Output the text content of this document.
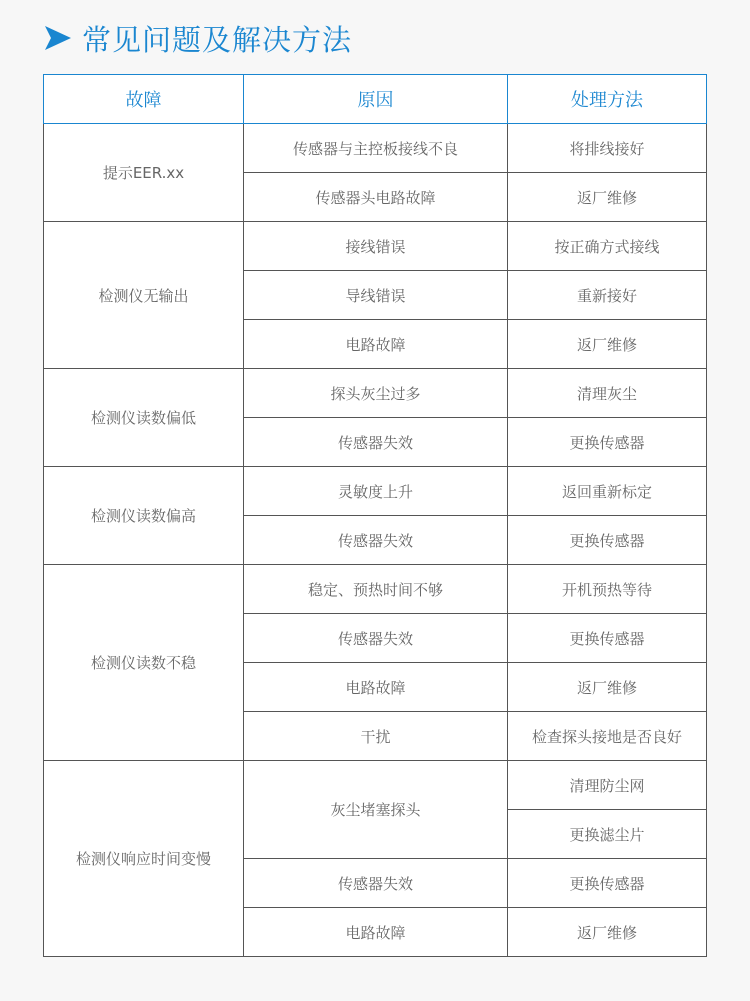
常见问题及解决方法
故障	原因	处理方法
提示EER.xx	传感器与主控板接线不良	将排线接好
	传感器头电路故障	返厂维修
检测仪无输出	接线错误	按正确方式接线
	导线错误	重新接好
	电路故障	返厂维修
检测仪读数偏低	探头灰尘过多	清理灰尘
	传感器失效	更换传感器
检测仪读数偏高	灵敏度上升	返回重新标定
	传感器失效	更换传感器
检测仪读数不稳	稳定、预热时间不够	开机预热等待
	传感器失效	更换传感器
	电路故障	返厂维修
	干扰	检查探头接地是否良好
检测仪响应时间变慢	灰尘堵塞探头	清理防尘网
		更换滤尘片
	传感器失效	更换传感器
	电路故障	返厂维修
